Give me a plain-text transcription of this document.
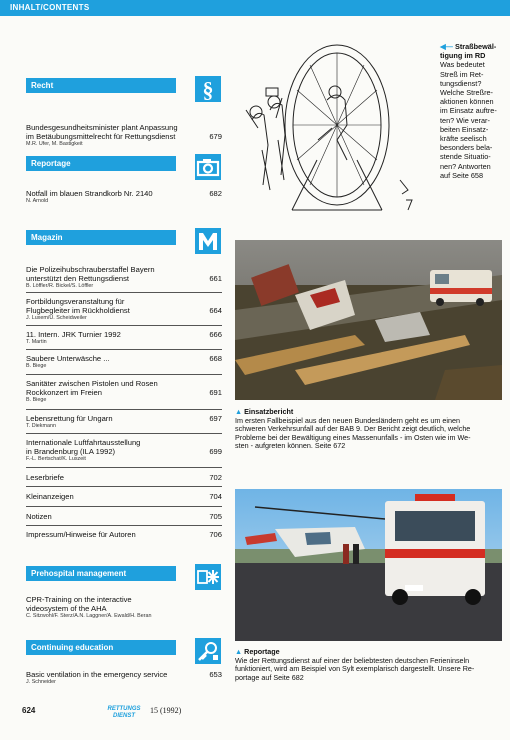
INHALT/CONTENTS
Recht	§
Bundesgesundheitsminister plant Anpassung
im Betäubungsmittelrecht für Rettungsdienst
M.R. Ufer, M. Bastigkeit
679
Reportage
Notfall im blauen Strandkorb Nr. 2140
N. Arnold
682
Magazin
Die Polizeihubschrauberstaffel Bayern
unterstützt den Rettungsdienst
B. Löffler/R. Bickel/S. Löffler
661
Fortbildungsveranstaltung für
Flugbegleiter im Rückholdienst
J. Luxem/U. Scheidweiler
664
11. Intern. JRK Turnier 1992
T. Martin
666
Saubere Unterwäsche ...
B. Biege
668
Sanitäter zwischen Pistolen und Rosen
Rockkonzert im Freien
B. Biege
691
Lebensrettung für Ungarn
T. Diekmann
697
Internationale Luftfahrtausstellung
in Brandenburg (ILA 1992)
F.-L. Bertschat/K. Luszeit
699
Leserbriefe	702
Kleinanzeigen	704
Notizen	705
Impressum/Hinweise für Autoren	706
Prehospital management
CPR-Training on the interactive
videosystem of the AHA
C. Sitzwohl/F. Sterz/A.N. Laggner/A. Ewald/H. Beran
Continuing education
Basic ventilation in the emergency service
J. Schneider
653
◀— Straßbewäl-tigung im RD
Was bedeutet
Streß im Ret-
tungsdienst?
Welche Streßre-
aktionen können
im Einsatz auftre-
ten? Wie verar-
beiten Einsatz-
kräfte seelisch
besonders bela-
stende Situatio-
nen? Antworten
auf Seite 658
▲ Einsatzbericht
Im ersten Fallbeispiel aus den neuen Bundesländern geht es um einen
schweren Verkehrsunfall auf der BAB 9. Der Bericht zeigt deutlich, welche
Probleme bei der Bewältigung eines Massenunfalls - im Osten wie im We-
sten - aufgreten können. Seite 672
▲ Reportage
Wie der Rettungsdienst auf einer der beliebtesten deutschen Ferieninseln
funktioniert, wird am Beispiel von Sylt exemplarisch dargestellt. Unsere Re-
portage auf Seite 682
624	RETTUNGS
DIENST
15 (1992)
